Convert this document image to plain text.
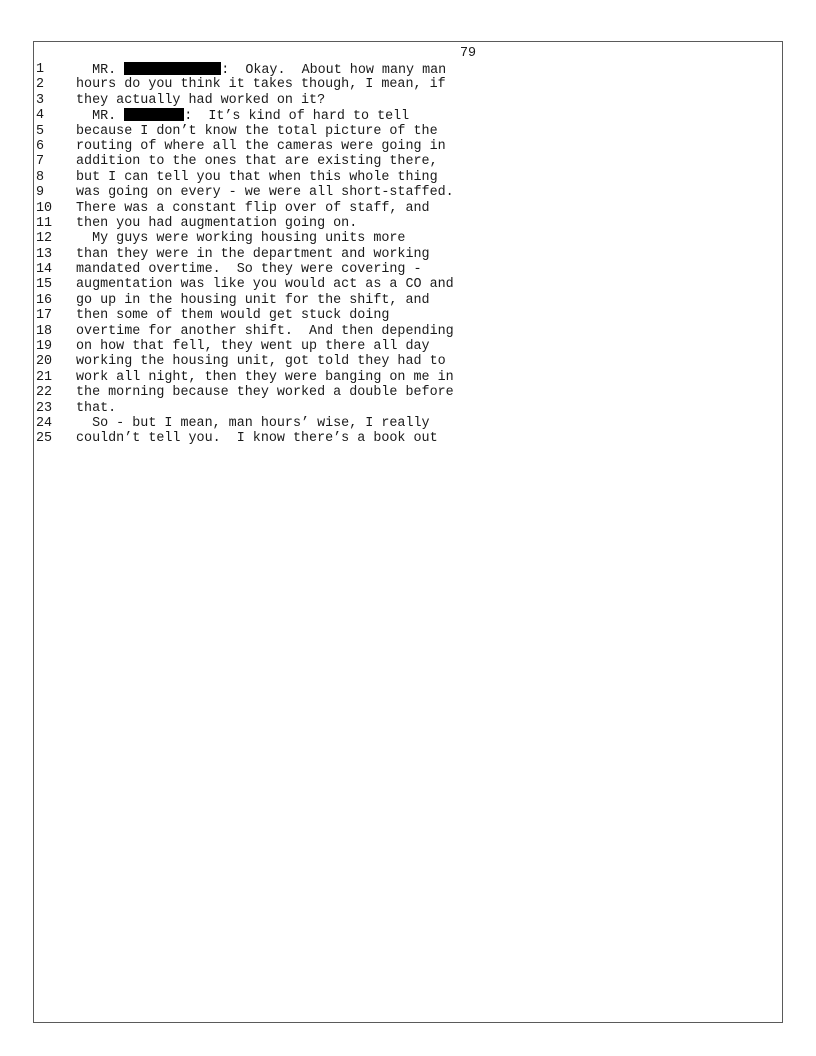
79
1	MR.	:  Okay.  About how many man
2	hours do you think it takes though, I mean, if
3	they actually had worked on it?
4	MR.	:  It’s kind of hard to tell
5	because I don’t know the total picture of the
6	routing of where all the cameras were going in
7	addition to the ones that are existing there,
8	but I can tell you that when this whole thing
9	was going on every - we were all short-staffed.
10	There was a constant flip over of staff, and
11	then you had augmentation going on.
12	My guys were working housing units more
13	than they were in the department and working
14	mandated overtime.  So they were covering -
15	augmentation was like you would act as a CO and
16	go up in the housing unit for the shift, and
17	then some of them would get stuck doing
18	overtime for another shift.  And then depending
19	on how that fell, they went up there all day
20	working the housing unit, got told they had to
21	work all night, then they were banging on me in
22	the morning because they worked a double before
23	that.
24	So - but I mean, man hours’ wise, I really
25	couldn’t tell you.  I know there’s a book out
